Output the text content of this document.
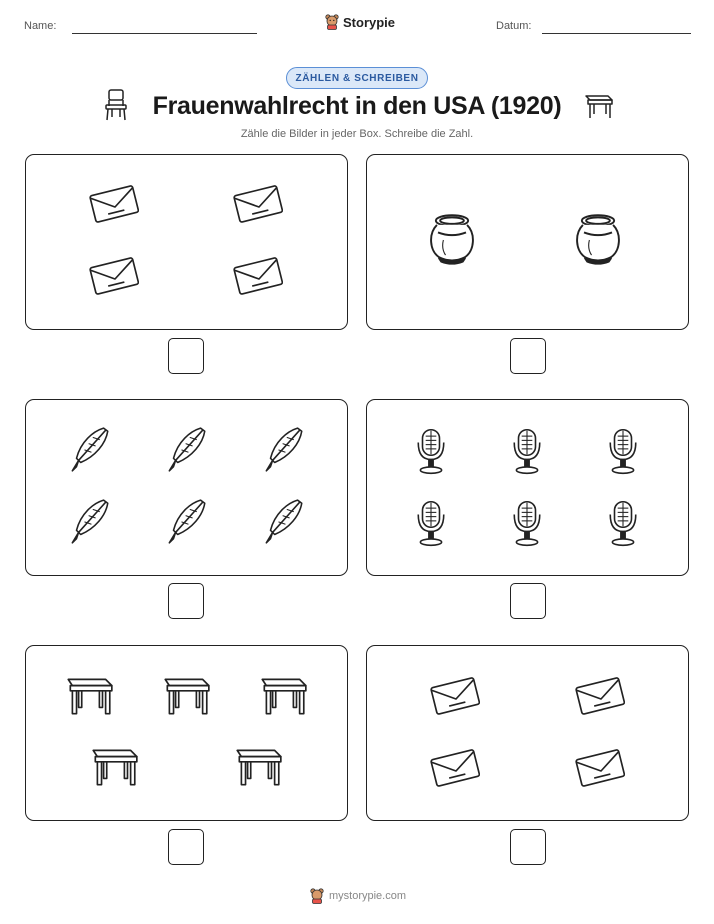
Name:	Storypie	Datum:
ZÄHLEN & SCHREIBEN
Frauenwahlrecht in den USA (1920)
Zähle die Bilder in jeder Box. Schreibe die Zahl.
mystorypie.com
